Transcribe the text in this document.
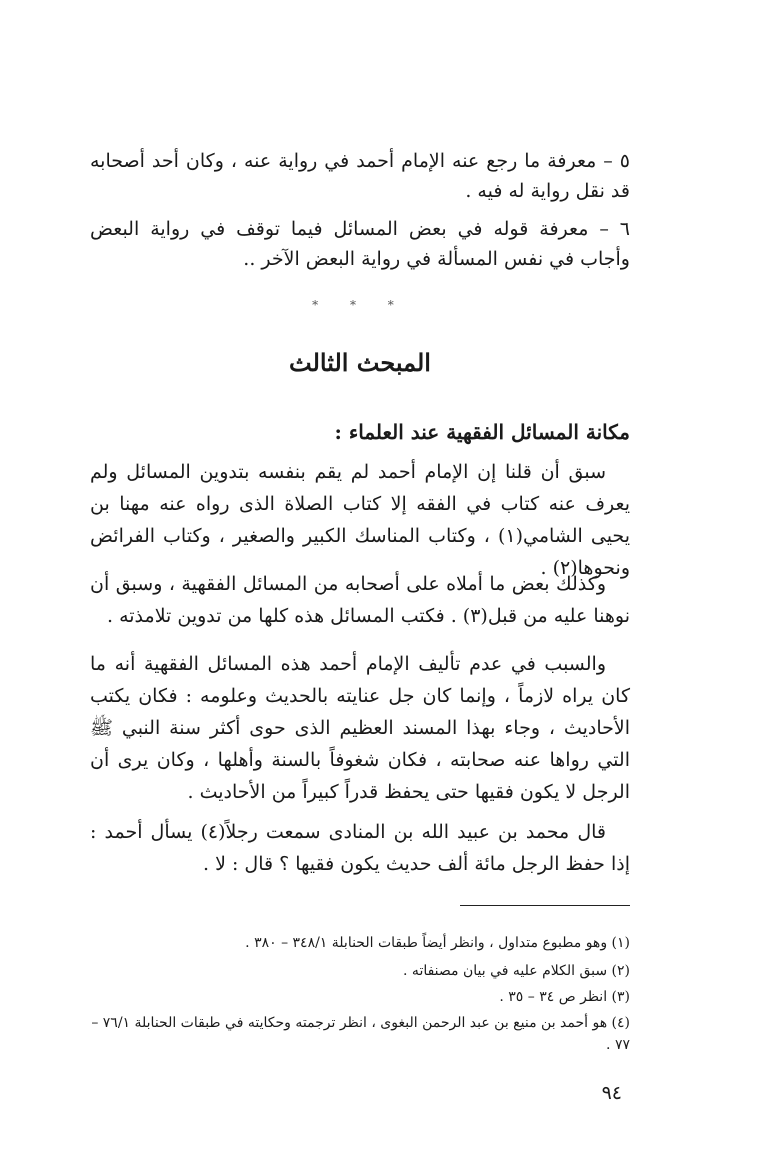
٥ – معرفة ما رجع عنه الإمام أحمد في رواية عنه ، وكان أحد أصحابه قد نقل رواية له فيه .
٦ – معرفة قوله في بعض المسائل فيما توقف في رواية البعض وأجاب في نفس المسألة في رواية البعض الآخر ..
* * *
المبحث الثالث
مكانة المسائل الفقهية عند العلماء :
سبق أن قلنا إن الإمام أحمد لم يقم بنفسه بتدوين المسائل ولم يعرف عنه كتاب في الفقه إلا كتاب الصلاة الذى رواه عنه مهنا بن يحيى الشامي(١) ، وكتاب المناسك الكبير والصغير ، وكتاب الفرائض ونحوها(٢) .
وكذلك بعض ما أملاه على أصحابه من المسائل الفقهية ، وسبق أن نوهنا عليه من قبل(٣) . فكتب المسائل هذه كلها من تدوين تلامذته .
والسبب في عدم تأليف الإمام أحمد هذه المسائل الفقهية أنه ما كان يراه لازماً ، وإنما كان جل عنايته بالحديث وعلومه : فكان يكتب الأحاديث ، وجاء بهذا المسند العظيم الذى حوى أكثر سنة النبي ﷺ التي رواها عنه صحابته ، فكان شغوفاً بالسنة وأهلها ، وكان يرى أن الرجل لا يكون فقيها حتى يحفظ قدراً كبيراً من الأحاديث .
قال محمد بن عبيد الله بن المنادى سمعت رجلاً(٤) يسأل أحمد : إذا حفظ الرجل مائة ألف حديث يكون فقيها ؟ قال : لا .
(١) وهو مطبوع متداول ، وانظر أيضاً طبقات الحنابلة ٣٤٨/١ – ٣٨٠ .
(٢) سبق الكلام عليه في بيان مصنفاته .
(٣) انظر ص ٣٤ – ٣٥ .
(٤) هو أحمد بن منيع بن عبد الرحمن البغوى ، انظر ترجمته وحكايته في طبقات الحنابلة ٧٦/١ – ٧٧ .
٩٤
